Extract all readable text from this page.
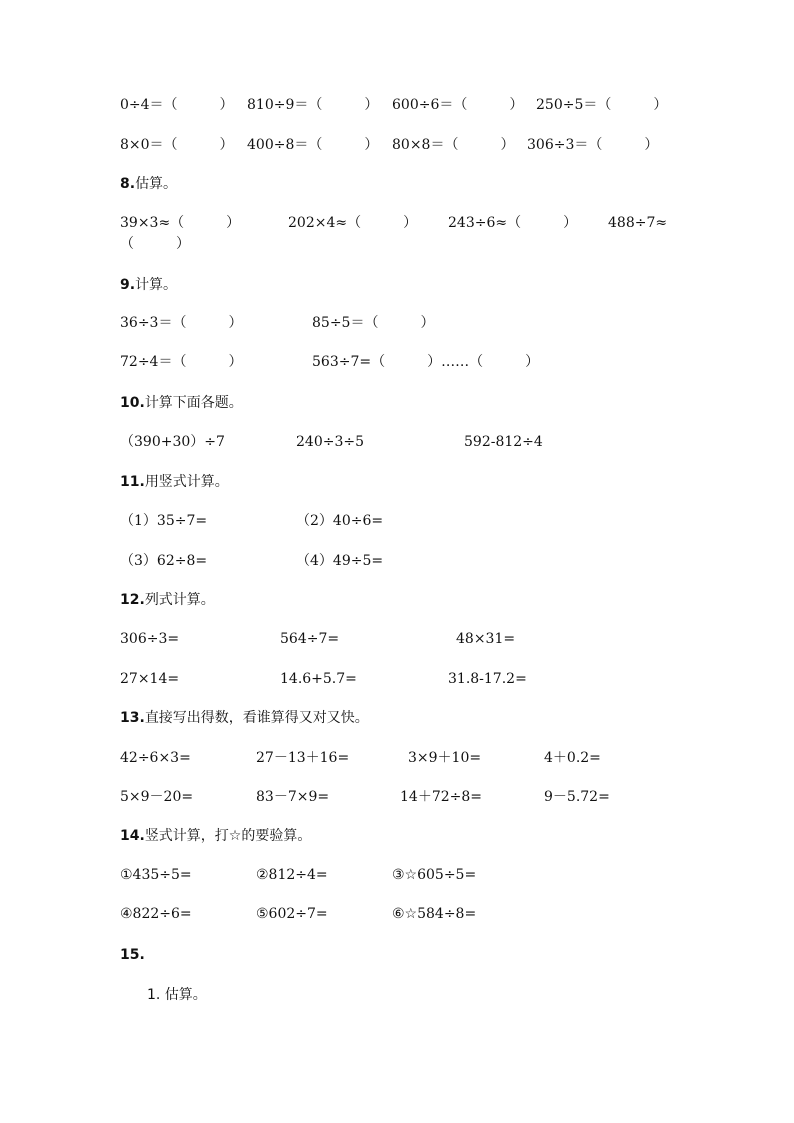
0÷4＝（　　　） 810÷9＝（　　　） 600÷6＝（　　　） 250÷5＝（　　　）
8×0＝（　　　） 400÷8＝（　　　） 80×8＝（　　　） 306÷3＝（　　　）
8.估算。
39×3≈（　　　）	202×4≈（　　　） 243÷6≈（　　　） 488÷7≈
（　　　）
9.计算。
36÷3＝（　　　）	85÷5＝（　　　）
72÷4＝（　　　）	563÷7=（　　　）……（　　　）
10.计算下面各题。
（390+30）÷7	240÷3÷5	592-812÷4
11.用竖式计算。
（1）35÷7=	（2）40÷6=
（3）62÷8=	（4）49÷5=
12.列式计算。
306÷3=	564÷7=	48×31=
27×14=	14.6+5.7=	31.8-17.2=
13.直接写出得数，看谁算得又对又快。
42÷6×3=	27－13＋16=	3×9＋10=	4＋0.2=
5×9－20=	83－7×9=	14＋72÷8=	9－5.72=
14.竖式计算，打☆的要验算。
①435÷5=	②812÷4=	③☆605÷5=
④822÷6=	⑤602÷7=	⑥☆584÷8=
15.
1. 估算。
